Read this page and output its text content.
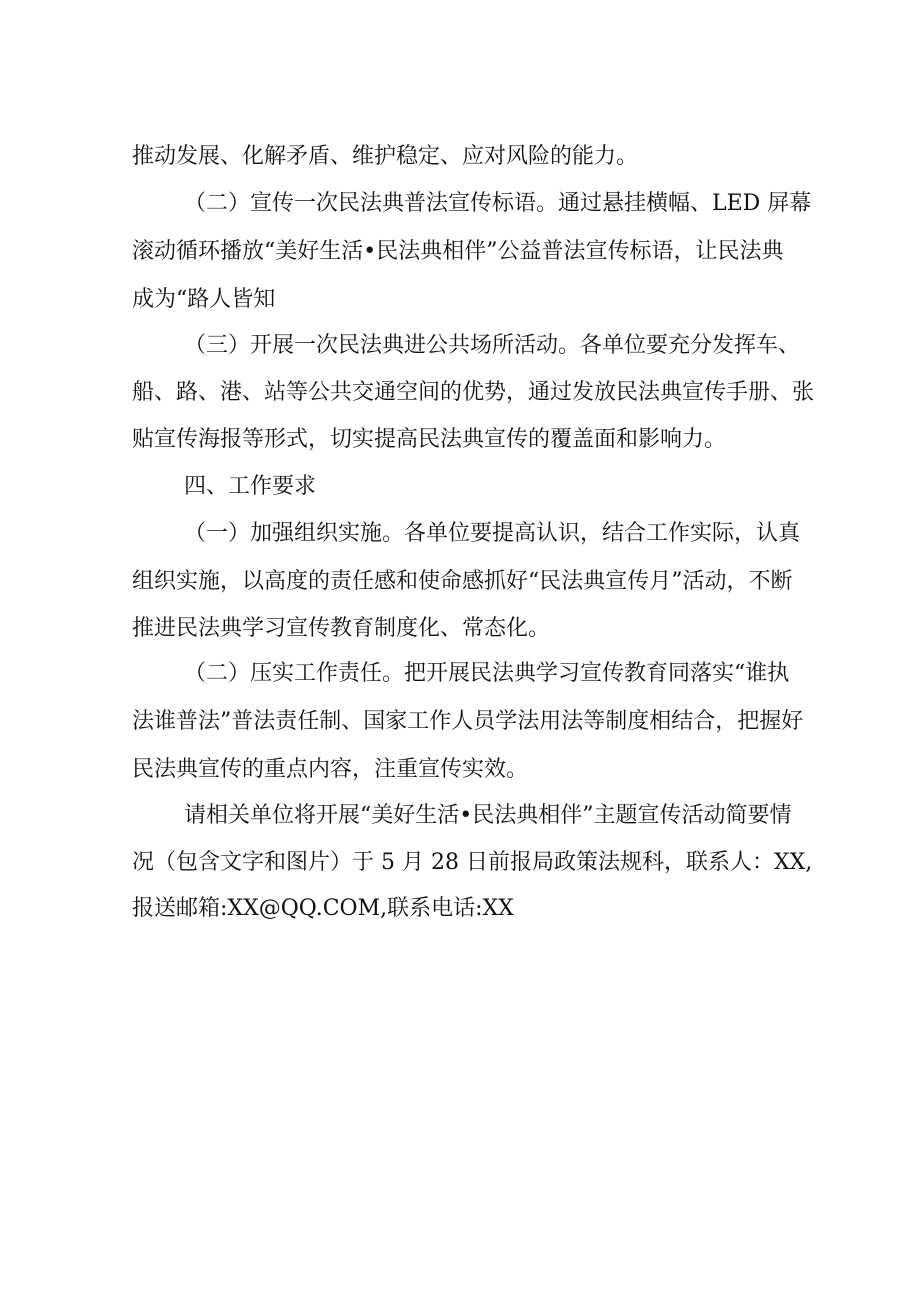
推动发展、化解矛盾、维护稳定、应对风险的能力。
（二）宣传一次民法典普法宣传标语。通过悬挂横幅、LED 屏幕
滚动循环播放“美好生活•民法典相伴”公益普法宣传标语，让民法典
成为“路人皆知
（三）开展一次民法典进公共场所活动。各单位要充分发挥车、
船、路、港、站等公共交通空间的优势，通过发放民法典宣传手册、张
贴宣传海报等形式，切实提高民法典宣传的覆盖面和影响力。
四、工作要求
（一）加强组织实施。各单位要提高认识，结合工作实际，认真
组织实施，以高度的责任感和使命感抓好“民法典宣传月”活动，不断
推进民法典学习宣传教育制度化、常态化。
（二）压实工作责任。把开展民法典学习宣传教育同落实“谁执
法谁普法”普法责任制、国家工作人员学法用法等制度相结合，把握好
民法典宣传的重点内容，注重宣传实效。
请相关单位将开展“美好生活•民法典相伴”主题宣传活动简要情
况（包含文字和图片）于 5 月 28 日前报局政策法规科，联系人：XX,
报送邮箱:XX@QQ.COM,联系电话:XX
